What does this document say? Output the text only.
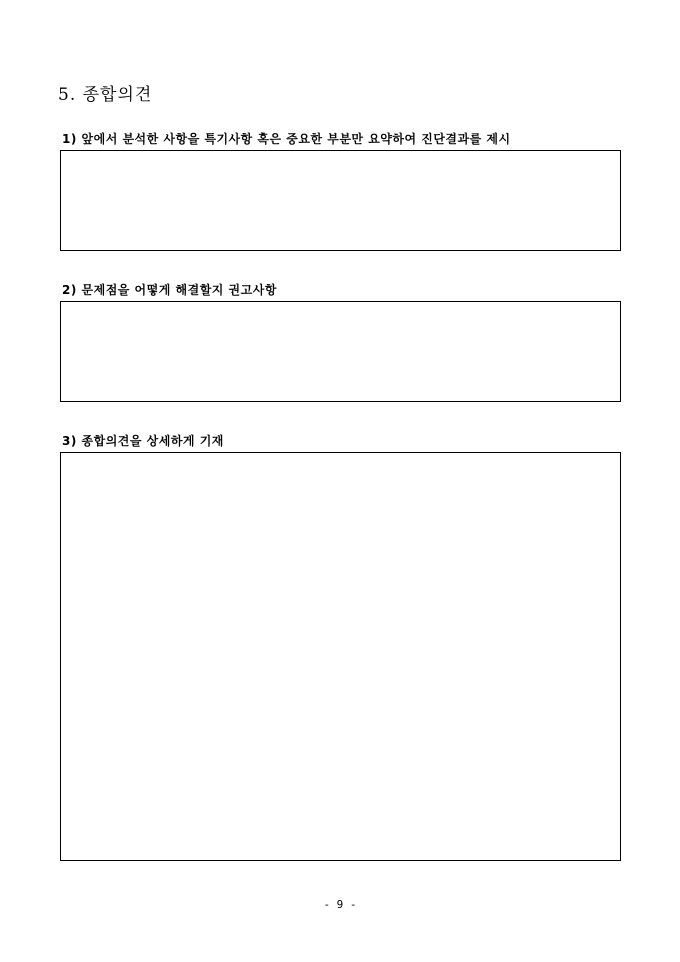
5. 종합의견
1) 앞에서 분석한 사항을 특기사항 혹은 중요한 부분만 요약하여 진단결과를 제시
2) 문제점을 어떻게 해결할지 권고사항
3) 종합의견을 상세하게 기재
- 9 -
